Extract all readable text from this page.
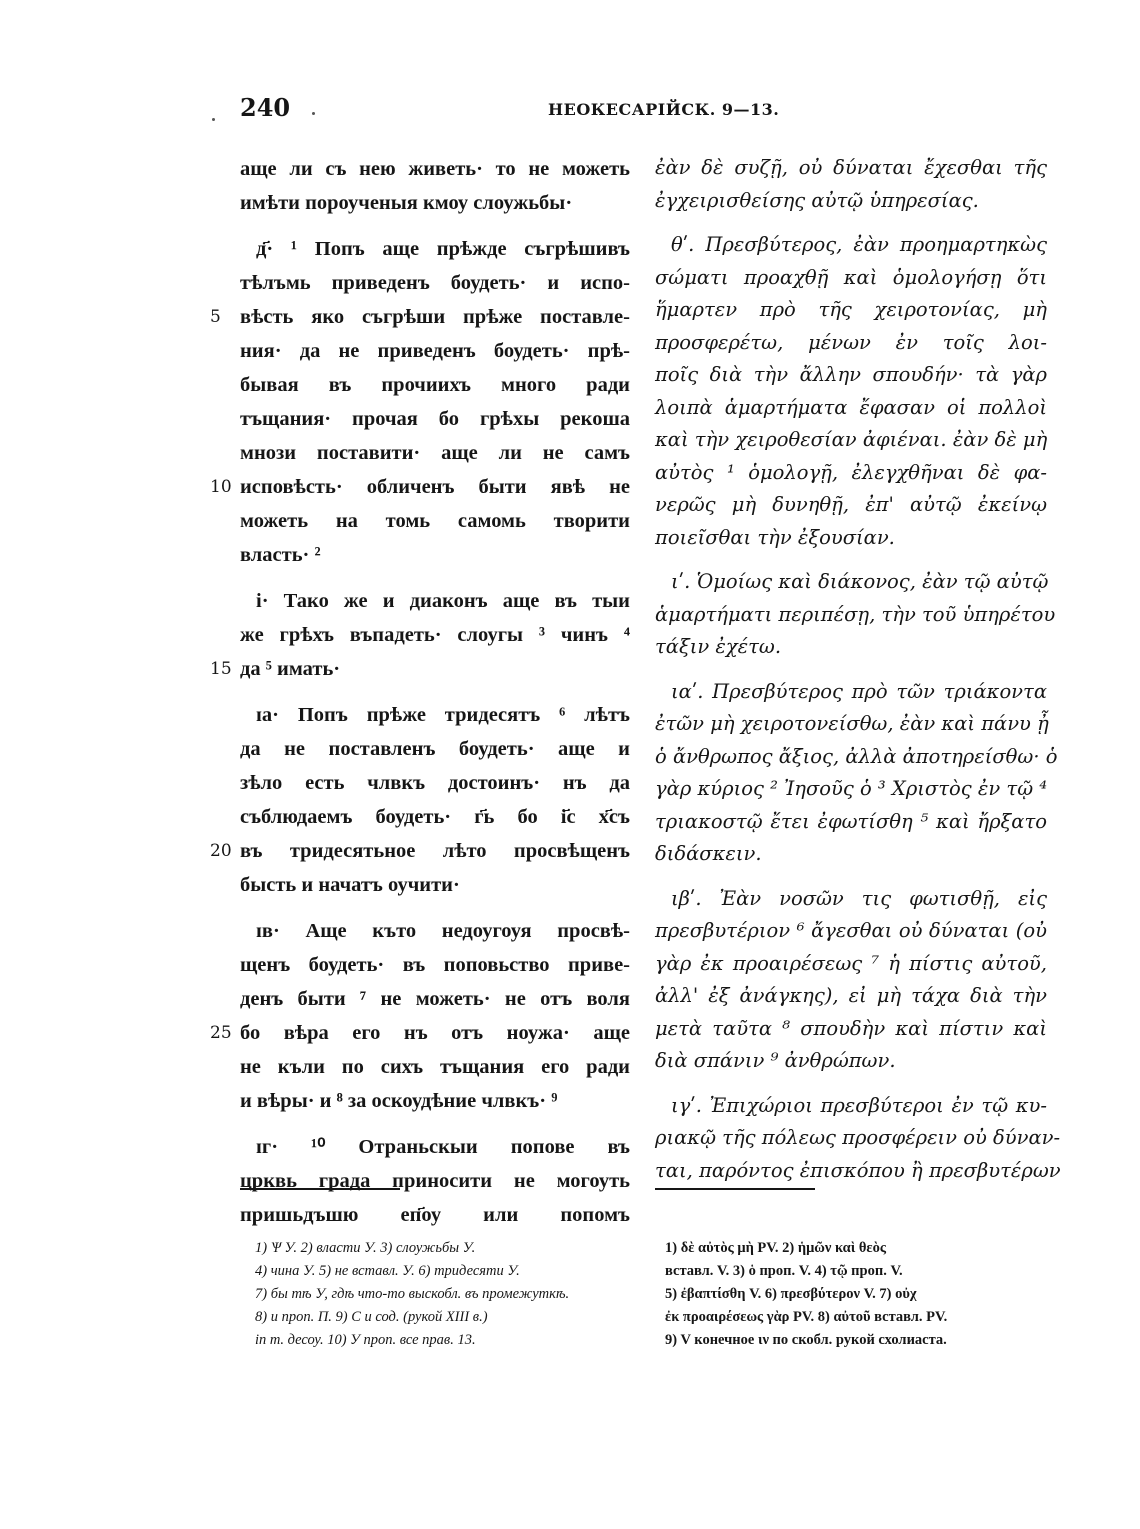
240	НЕОКЕСАРIЙСК. 9—13.
аще ли съ нею живеть· то не можеть
имѣти пороученыя кмоу слоужьбы·
д҃· ¹ Попъ аще прѣжде съгрѣшивъ
тѣлъмь приведенъ боудеть· и испо-
5 вѣсть яко съгрѣши прѣже поставле-
ния· да не приведенъ боудеть· прѣ-
бывая въ прочиихъ много ради
тъщания· прочая бо грѣхы рекоша
мнози поставити· аще ли не самъ
10 исповѣсть· обличенъ быти явѣ не
можеть на томь самомь творити
власть· ²
і· Тако же и диаконъ аще въ тыи
же грѣхъ въпадеть· слоугы ³ чинъ ⁴
15 да ⁵ имать·
ɪа· Попъ прѣже тридесятъ ⁶ лѣтъ
да не поставленъ боудеть· аще и
зѣло есть члвкъ достоинъ· нъ да
съблюдаемъ боудеть· г҃ь бо і҃с х҃съ
20 въ тридесятьное лѣто просвѣщенъ
бысть и начатъ оучити·
ɪв· Аще къто недоугоуя просвѣ-
щенъ боудеть· въ поповьство приве-
денъ быти ⁷ не можеть· не отъ воля
25 бо вѣра его нъ отъ ноужа· аще
не къли по сихъ тъщания его ради
и вѣры· и ⁸ за оскоудѣние члвкъ· ⁹
ɪг· ¹⁰ Отраньскыи попове въ
црквь града приносити не могоуть
пришьдъшю еп҃оу или попомъ
ἐὰν δὲ συζῇ, οὐ δύναται ἔχεσθαι τῆς
ἐγχειρισθείσης αὐτῷ ὑπηρεσίας.
θʹ. Πρεσβύτερος, ἐὰν προημαρτηκὼς
σώματι προαχθῇ καὶ ὁμολογήσῃ ὅτι
ἥμαρτεν πρὸ τῆς χειροτονίας, μὴ
προσφερέτω, μένων ἐν τοῖς λοι-
ποῖς διὰ τὴν ἄλλην σπουδήν· τὰ γὰρ
λοιπὰ ἁμαρτήματα ἔφασαν οἱ πολλοὶ
καὶ τὴν χειροθεσίαν ἀφιέναι. ἐὰν δὲ μὴ
αὐτὸς ¹ ὁμολογῇ, ἐλεγχθῆναι δὲ φα-
νερῶς μὴ δυνηθῇ, ἐπ' αὐτῷ ἐκείνῳ
ποιεῖσθαι τὴν ἐξουσίαν.
ιʹ. Ὁμοίως καὶ διάκονος, ἐὰν τῷ αὐτῷ
ἁμαρτήματι περιπέσῃ, τὴν τοῦ ὑπηρέτου
τάξιν ἐχέτω.
ιαʹ. Πρεσβύτερος πρὸ τῶν τριάκοντα
ἐτῶν μὴ χειροτονείσθω, ἐὰν καὶ πάνυ ᾖ
ὁ ἄνθρωπος ἄξιος, ἀλλὰ ἀποτηρείσθω· ὁ
γὰρ κύριος ² Ἰησοῦς ὁ ³ Χριστὸς ἐν τῷ ⁴
τριακοστῷ ἔτει ἐφωτίσθη ⁵ καὶ ἤρξατο
διδάσκειν.
ιβʹ. Ἐὰν νοσῶν τις φωτισθῇ, εἰς
πρεσβυτέριον ⁶ ἄγεσθαι οὐ δύναται (οὐ
γὰρ ἐκ προαιρέσεως ⁷ ἡ πίστις αὐτοῦ,
ἀλλ' ἐξ ἀνάγκης), εἰ μὴ τάχα διὰ τὴν
μετὰ ταῦτα ⁸ σπουδὴν καὶ πίστιν καὶ
διὰ σπάνιν ⁹ ἀνθρώπων.
ιγʹ. Ἐπιχώριοι πρεσβύτεροι ἐν τῷ κυ-
ριακῷ τῆς πόλεως προσφέρειν οὐ δύναν-
ται, παρόντος ἐπισκόπου ἢ πρεσβυτέρων
1) Ѱ У. 2) власти У. 3) слоужьбы У.
4) чина У. 5) не вставл. У. 6) тридесяти У.
7) бы тѣ У, гдѣ что-то выскобл. въ промежуткѣ.
8) и проп. П. 9) С и сод. (рукой XIII в.)
in m. десоу. 10) У проп. все прав. 13.
1) δὲ αὐτὸς μὴ PV. 2) ἡμῶν καὶ θεὸς
вставл. V. 3) ὁ проп. V. 4) τῷ проп. V.
5) ἐβαπτίσθη V. 6) πρεσβύτερον V. 7) οὐχ
ἐκ προαιρέσεως γὰρ PV. 8) αὐτοῦ вставл. PV.
9) V конечное ιν по скобл. рукой схолиаста.
